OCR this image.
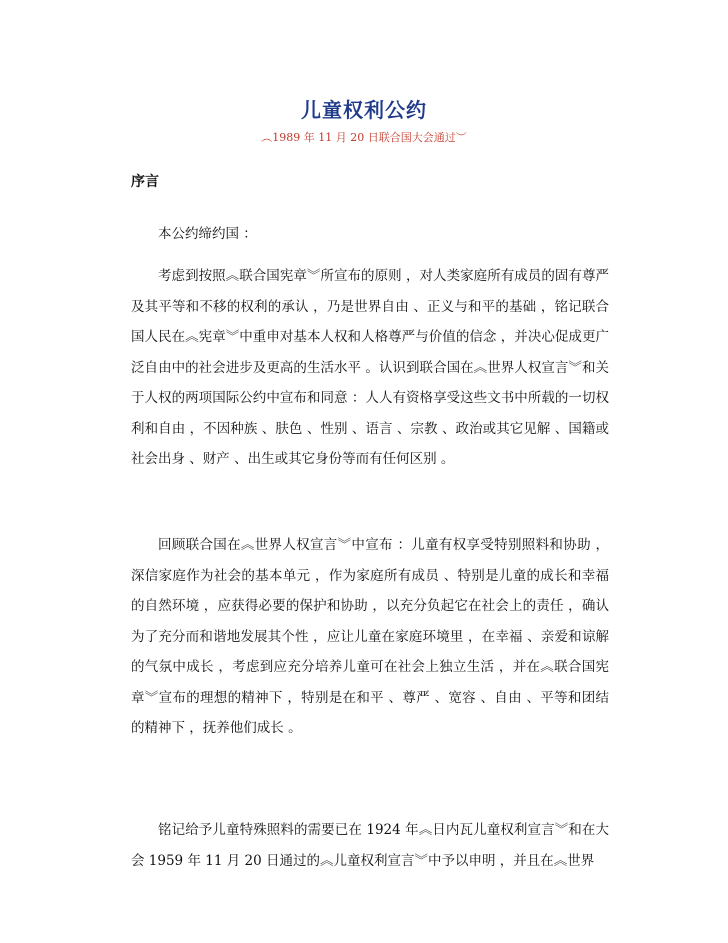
儿童权利公约

︵1989 年 11 月 20 日联合国大会通过︶

序言

本公约缔约国 ：

考虑到按照︽联合国宪章︾所宣布的原则 ，对人类家庭所有成员的固有尊严及其平等和不移的权利的承认 ，乃是世界自由 、正义与和平的基础 ，铭记联合国人民在︽宪章︾中重申对基本人权和人格尊严与价值的信念 ，并决心促成更广泛自由中的社会进步及更高的生活水平 。认识到联合国在︽世界人权宣言︾和关于人权的两项国际公约中宣布和同意 ：人人有资格享受这些文书中所载的一切权利和自由 ，不因种族 、肤色 、性别 、语言 、宗教 、政治或其它见解 、国籍或社会出身 、财产 、出生或其它身份等而有任何区别 。

回顾联合国在︽世界人权宣言︾中宣布 ：儿童有权享受特别照料和协助 ，深信家庭作为社会的基本单元 ，作为家庭所有成员 、特别是儿童的成长和幸福的自然环境 ，应获得必要的保护和协助 ，以充分负起它在社会上的责任 ，确认为了充分而和谐地发展其个性 ，应让儿童在家庭环境里 ，在幸福 、亲爱和谅解的气氛中成长 ，考虑到应充分培养儿童可在社会上独立生活 ，并在︽联合国宪章︾宣布的理想的精神下 ，特别是在和平 、尊严 、宽容 、自由 、平等和团结的精神下 ，抚养他们成长 。

铭记给予儿童特殊照料的需要已在 1924 年︽日内瓦儿童权利宣言︾和在大会 1959 年 11 月 20 日通过的︽儿童权利宣言︾中予以申明 ，并且在︽世界
